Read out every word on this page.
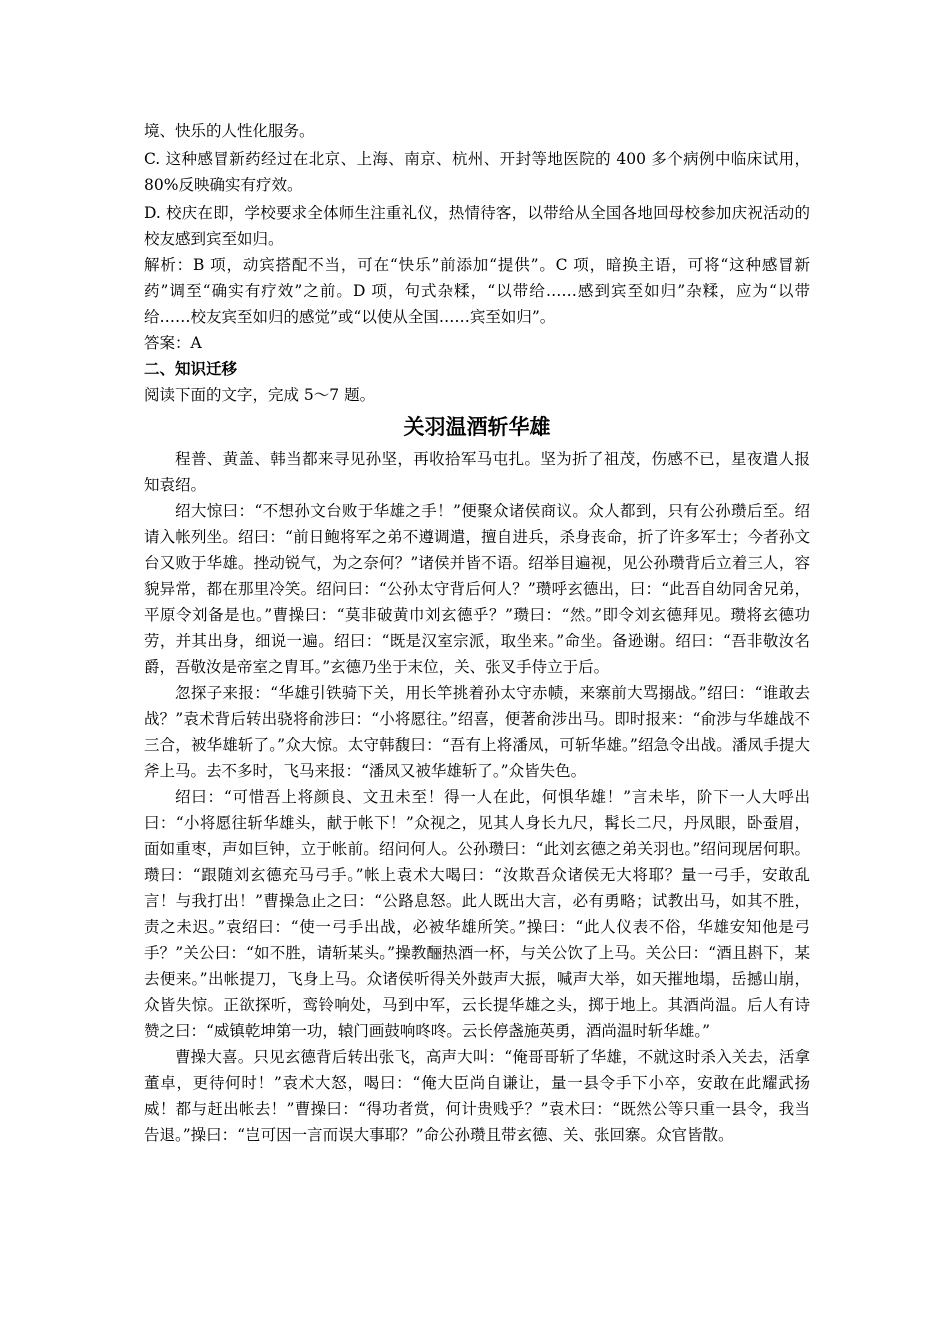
境、快乐的人性化服务。

C. 这种感冒新药经过在北京、上海、南京、杭州、开封等地医院的 400 多个病例中临床试用，80%反映确实有疗效。

D. 校庆在即，学校要求全体师生注重礼仪，热情待客，以带给从全国各地回母校参加庆祝活动的校友感到宾至如归。

解析：B 项，动宾搭配不当，可在“快乐”前添加“提供”。C 项，暗换主语，可将“这种感冒新药”调至“确实有疗效”之前。D 项，句式杂糅，“以带给……感到宾至如归”杂糅，应为“以带给……校友宾至如归的感觉”或“以使从全国……宾至如归”。

答案：A

二、知识迁移

阅读下面的文字，完成 5～7 题。

关羽温酒斩华雄

程普、黄盖、韩当都来寻见孙坚，再收拾军马屯扎。坚为折了祖茂，伤感不已，星夜遣人报知袁绍。

绍大惊曰：“不想孙文台败于华雄之手！”便聚众诸侯商议。众人都到，只有公孙瓒后至。绍请入帐列坐。绍曰：“前日鲍将军之弟不遵调遣，擅自进兵，杀身丧命，折了许多军士；今者孙文台又败于华雄。挫动锐气，为之奈何？”诸侯并皆不语。绍举目遍视，见公孙瓒背后立着三人，容貌异常，都在那里冷笑。绍问曰：“公孙太守背后何人？”瓒呼玄德出，曰：“此吾自幼同舍兄弟，平原令刘备是也。”曹操曰：“莫非破黄巾刘玄德乎？”瓒曰：“然。”即令刘玄德拜见。瓒将玄德功劳，并其出身，细说一遍。绍曰：“既是汉室宗派，取坐来。”命坐。备逊谢。绍曰：“吾非敬汝名爵，吾敬汝是帝室之胄耳。”玄德乃坐于末位，关、张叉手侍立于后。

忽探子来报：“华雄引铁骑下关，用长竿挑着孙太守赤帻，来寨前大骂搦战。”绍曰：“谁敢去战？”袁术背后转出骁将俞涉曰：“小将愿往。”绍喜，便著俞涉出马。即时报来：“俞涉与华雄战不三合，被华雄斩了。”众大惊。太守韩馥曰：“吾有上将潘凤，可斩华雄。”绍急令出战。潘凤手提大斧上马。去不多时，飞马来报：“潘凤又被华雄斩了。”众皆失色。

绍曰：“可惜吾上将颜良、文丑未至！得一人在此，何惧华雄！”言未毕，阶下一人大呼出曰：“小将愿往斩华雄头，献于帐下！”众视之，见其人身长九尺，髯长二尺，丹凤眼，卧蚕眉，面如重枣，声如巨钟，立于帐前。绍问何人。公孙瓒曰：“此刘玄德之弟关羽也。”绍问现居何职。瓒曰：“跟随刘玄德充马弓手。”帐上袁术大喝曰：“汝欺吾众诸侯无大将耶？量一弓手，安敢乱言！与我打出！”曹操急止之曰：“公路息怒。此人既出大言，必有勇略；试教出马，如其不胜，责之未迟。”袁绍曰：“使一弓手出战，必被华雄所笑。”操曰：“此人仪表不俗，华雄安知他是弓手？”关公曰：“如不胜，请斩某头。”操教酾热酒一杯，与关公饮了上马。关公曰：“酒且斟下，某去便来。”出帐提刀，飞身上马。众诸侯听得关外鼓声大振，喊声大举，如天摧地塌，岳撼山崩，众皆失惊。正欲探听，鸾铃响处，马到中军，云长提华雄之头，掷于地上。其酒尚温。后人有诗赞之曰：“威镇乾坤第一功，辕门画鼓响咚咚。云长停盏施英勇，酒尚温时斩华雄。”

曹操大喜。只见玄德背后转出张飞，高声大叫：“俺哥哥斩了华雄，不就这时杀入关去，活拿董卓，更待何时！”袁术大怒，喝曰：“俺大臣尚自谦让，量一县令手下小卒，安敢在此耀武扬威！都与赶出帐去！”曹操曰：“得功者赏，何计贵贱乎？”袁术曰：“既然公等只重一县令，我当告退。”操曰：“岂可因一言而误大事耶？”命公孙瓒且带玄德、关、张回寨。众官皆散。
